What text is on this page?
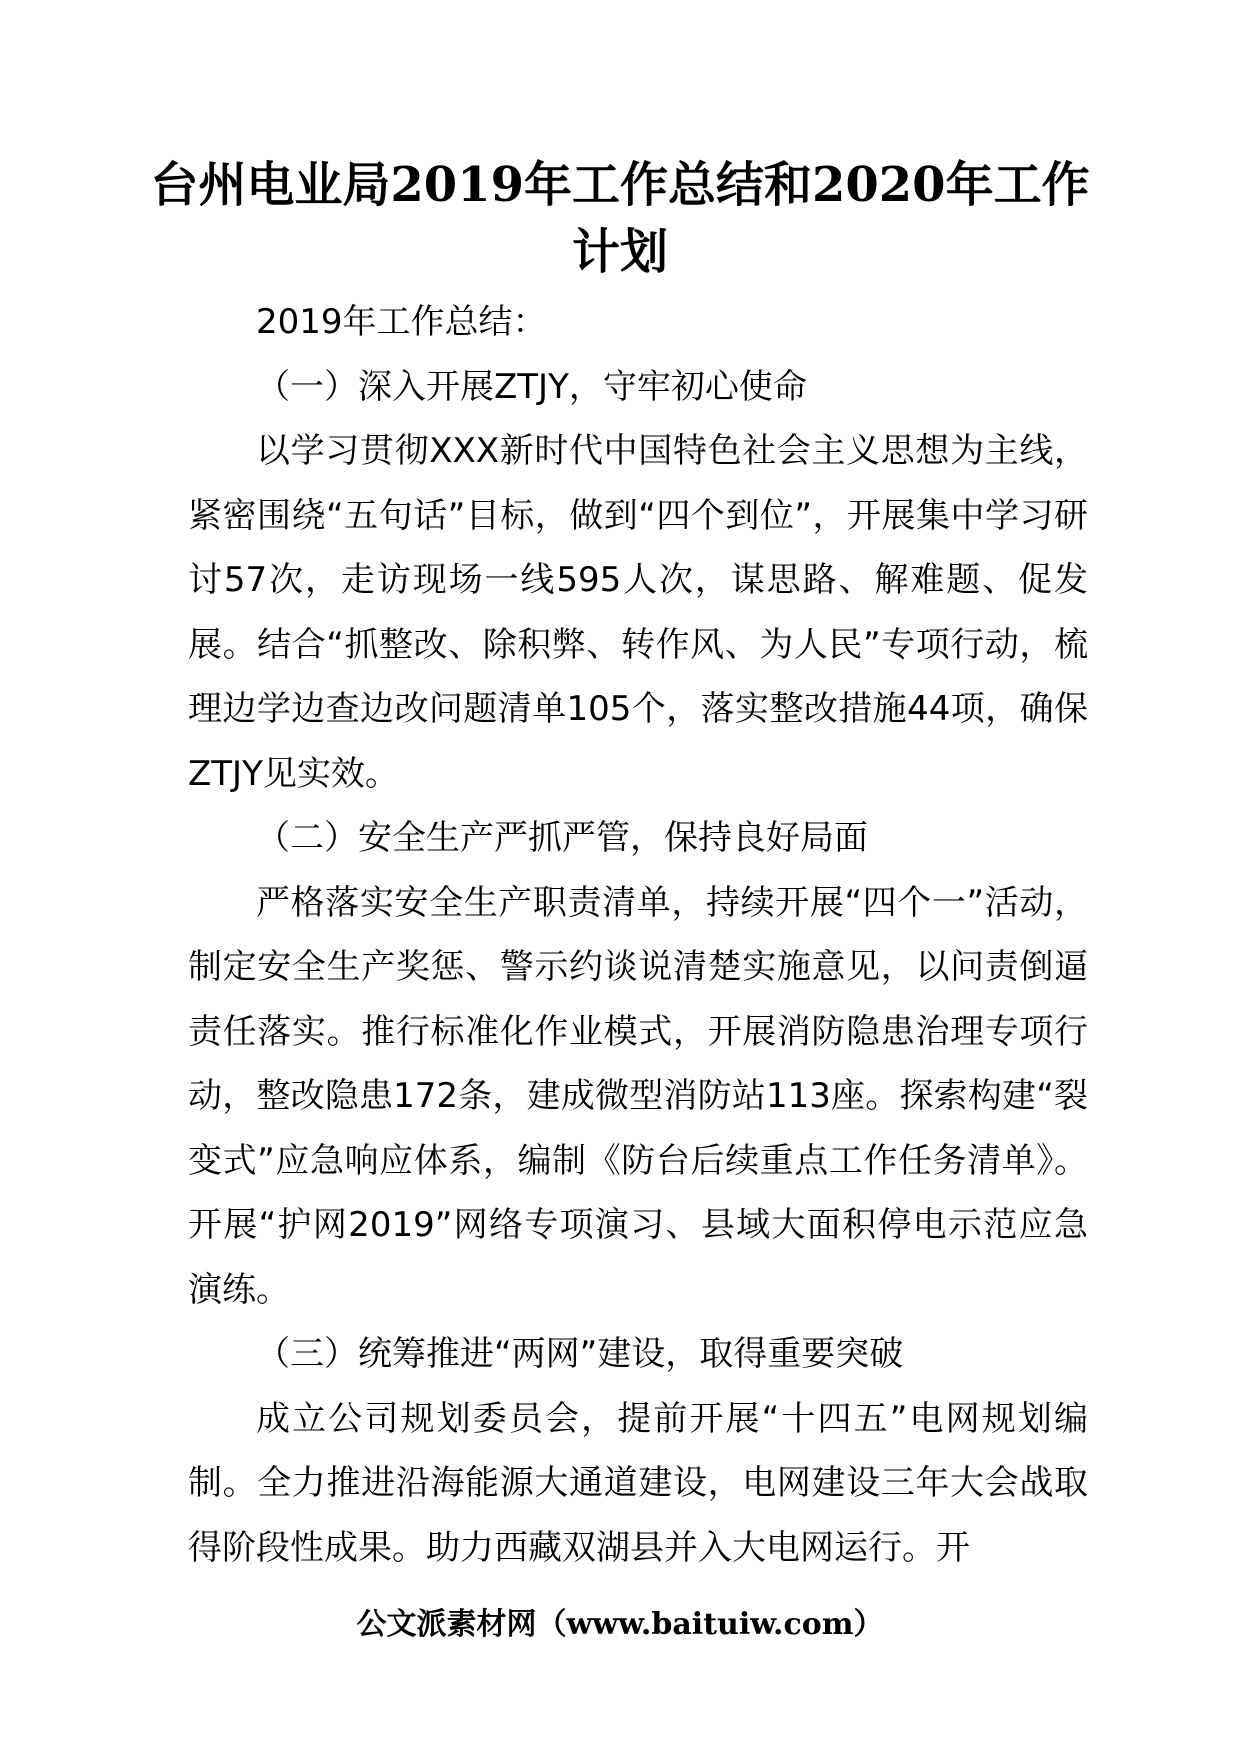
台州电业局2019年工作总结和2020年工作计划

2019年工作总结：

（一）深入开展ZTJY，守牢初心使命

以学习贯彻XXX新时代中国特色社会主义思想为主线，紧密围绕“五句话”目标，做到“四个到位”，开展集中学习研讨57次，走访现场一线595人次，谋思路、解难题、促发展。结合“抓整改、除积弊、转作风、为人民”专项行动，梳理边学边查边改问题清单105个，落实整改措施44项，确保ZTJY见实效。

（二）安全生产严抓严管，保持良好局面

严格落实安全生产职责清单，持续开展“四个一”活动，制定安全生产奖惩、警示约谈说清楚实施意见，以问责倒逼责任落实。推行标准化作业模式，开展消防隐患治理专项行动，整改隐患172条，建成微型消防站113座。探索构建“裂变式”应急响应体系，编制《防台后续重点工作任务清单》。开展“护网2019”网络专项演习、县域大面积停电示范应急演练。

（三）统筹推进“两网”建设，取得重要突破

成立公司规划委员会，提前开展“十四五”电网规划编制。全力推进沿海能源大通道建设，电网建设三年大会战取得阶段性成果。助力西藏双湖县并入大电网运行。开

公文派素材网（www.baituiw.com）
